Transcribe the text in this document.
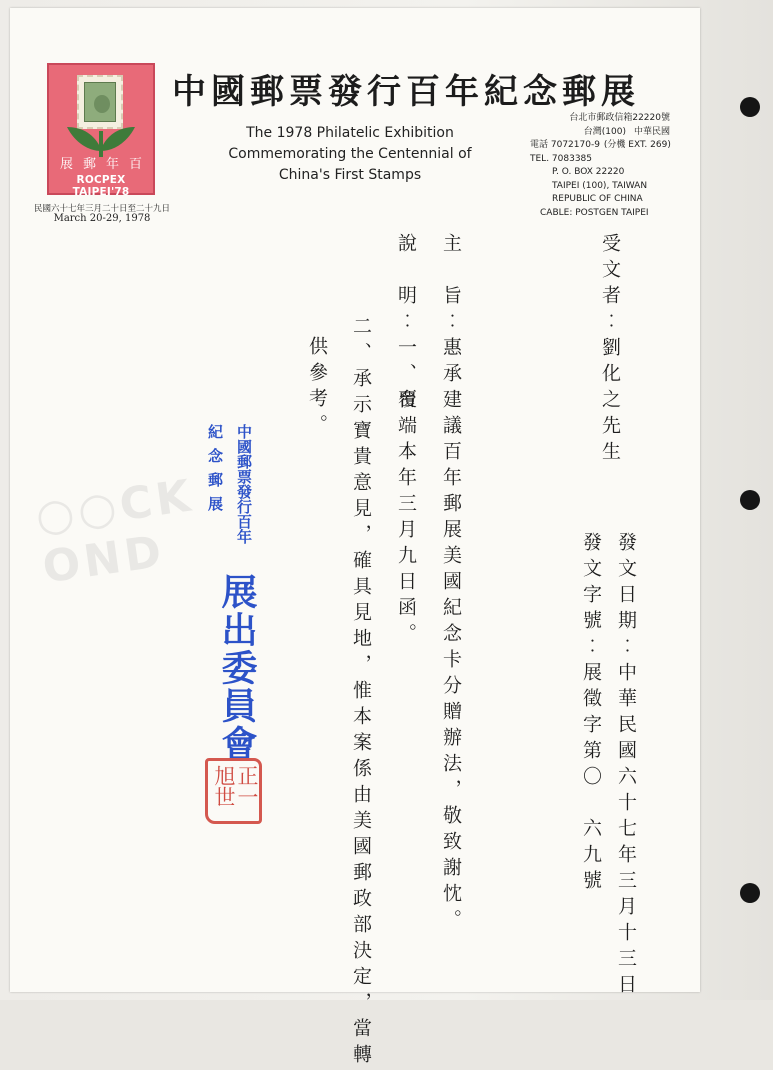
展 郵 年 百
ROCPEX TAIPEI'78
民國六十七年三月二十日至二十九日
March 20-29, 1978
中國郵票發行百年紀念郵展
The 1978 Philatelic Exhibition
Commemorating the Centennial of
China's First Stamps
台北市郵政信箱22220號
台灣(100) 中華民國
電話 7072170-9 (分機 EXT. 269)
TEL. 7083385
P. O. BOX 22220
TAIPEI (100), TAIWAN
REPUBLIC OF CHINA
CABLE: POSTGEN TAIPEI
受文者︰劉化之先生
發文日期︰中華民國六十七年三月十三日
發文字號︰展徵字第〇　六九號
主　旨︰惠承建議百年郵展美國紀念卡分贈辦法，敬致謝忱。
說　明︰一、覆
台端本年三月九日函。
二、承示寶貴意見，確具見地，惟本案係由美國郵政部決定，當轉
供參考。
中國郵票發行百年
紀　念　郵　展
展出委員會
正一旭世
○○CK
OND
